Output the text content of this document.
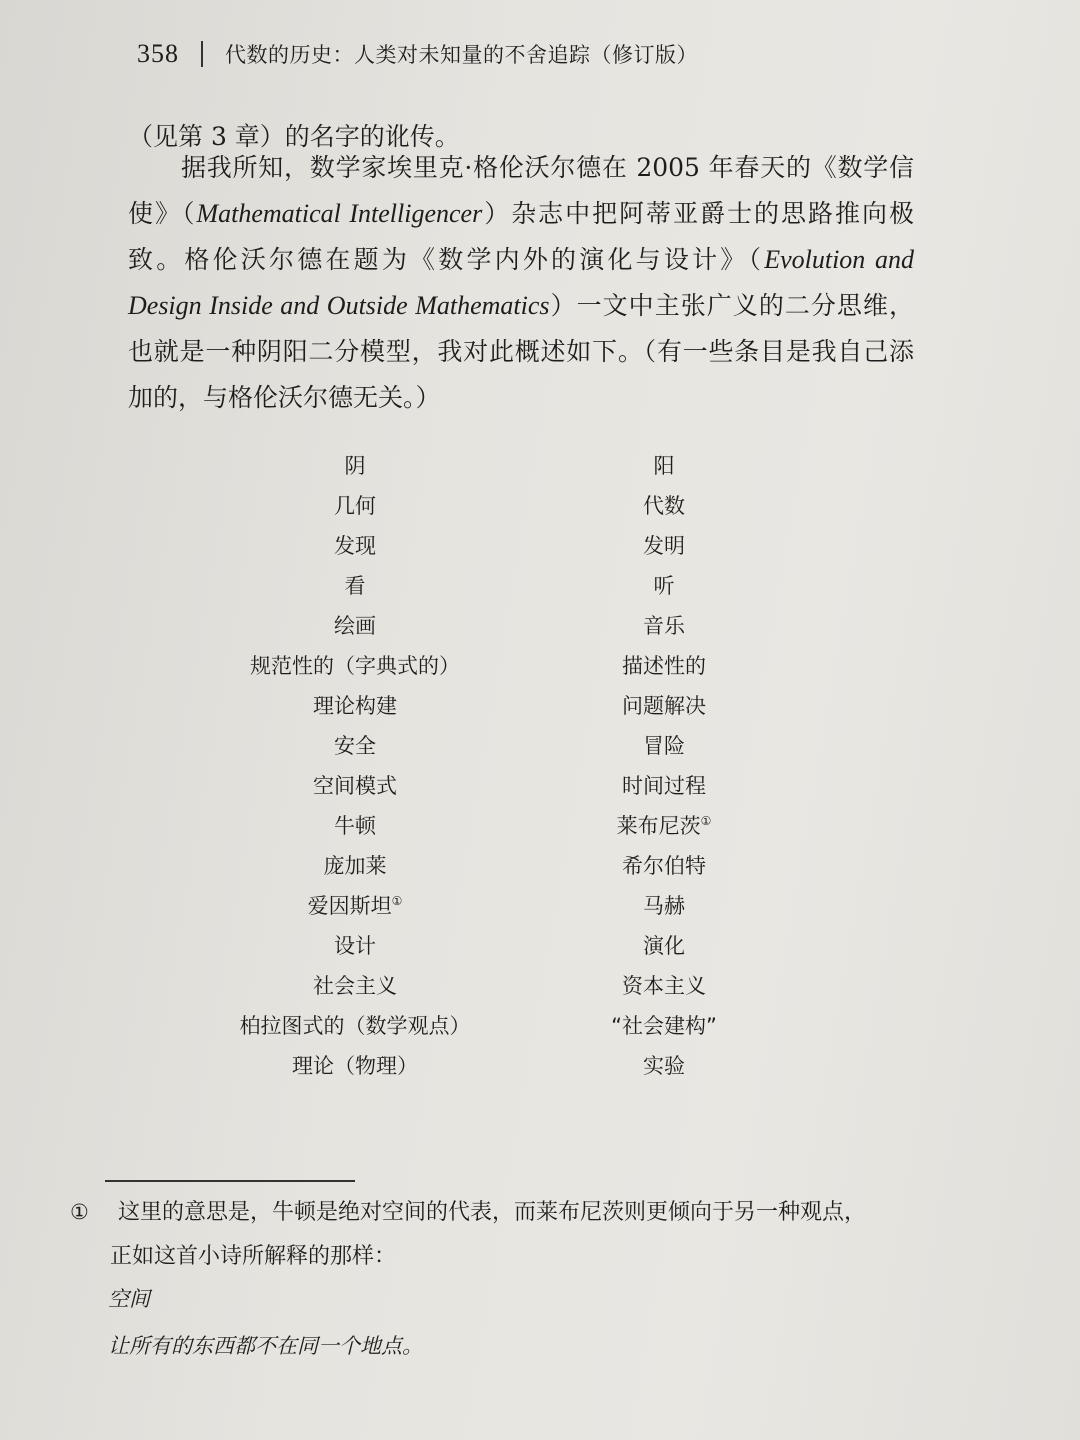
358 代数的历史：人类对未知量的不舍追踪（修订版）
（见第 3 章）的名字的讹传。
据我所知，数学家埃里克·格伦沃尔德在 2005 年春天的《数学信使》（Mathematical Intelligencer）杂志中把阿蒂亚爵士的思路推向极致。格伦沃尔德在题为《数学内外的演化与设计》（Evolution and Design Inside and Outside Mathematics）一文中主张广义的二分思维，也就是一种阴阳二分模型，我对此概述如下。（有一些条目是我自己添加的，与格伦沃尔德无关。）
阴	阳
几何	代数
发现	发明
看	听
绘画	音乐
规范性的（字典式的）	描述性的
理论构建	问题解决
安全	冒险
空间模式	时间过程
牛顿	莱布尼茨①
庞加莱	希尔伯特
爱因斯坦①	马赫
设计	演化
社会主义	资本主义
柏拉图式的（数学观点）	“社会建构”
理论（物理）	实验
① 这里的意思是，牛顿是绝对空间的代表，而莱布尼茨则更倾向于另一种观点，
正如这首小诗所解释的那样：
空间
让所有的东西都不在同一个地点。
